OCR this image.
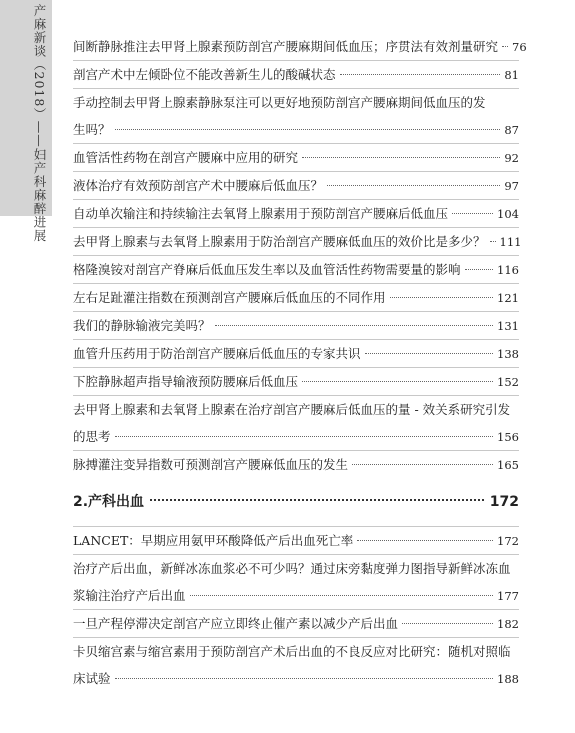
产麻新谈（2018）——妇产科麻醉进展 间断静脉推注去甲肾上腺素预防剖宫产腰麻期间低血压；序贯法有效剂量研究 76
剖宫产术中左倾卧位不能改善新生儿的酸碱状态	81
手动控制去甲肾上腺素静脉泵注可以更好地预防剖宫产腰麻期间低血压的发
生吗？	87
血管活性药物在剖宫产腰麻中应用的研究	92
液体治疗有效预防剖宫产术中腰麻后低血压？	97
自动单次输注和持续输注去氧肾上腺素用于预防剖宫产腰麻后低血压	104
去甲肾上腺素与去氧肾上腺素用于防治剖宫产腰麻低血压的效价比是多少？ 111
格隆溴铵对剖宫产脊麻后低血压发生率以及血管活性药物需要量的影响	116
左右足趾灌注指数在预测剖宫产腰麻后低血压的不同作用	121
我们的静脉输液完美吗？	131
血管升压药用于防治剖宫产腰麻后低血压的专家共识	138
下腔静脉超声指导输液预防腰麻后低血压	152
去甲肾上腺素和去氧肾上腺素在治疗剖宫产腰麻后低血压的量 - 效关系研究引发
的思考	156
脉搏灌注变异指数可预测剖宫产腰麻低血压的发生	165
2.产科出血	172
LANCET：早期应用氨甲环酸降低产后出血死亡率	172
治疗产后出血，新鲜冰冻血浆必不可少吗？通过床旁黏度弹力图指导新鲜冰冻血
浆输注治疗产后出血	177
一旦产程停滞决定剖宫产应立即终止催产素以减少产后出血	182
卡贝缩宫素与缩宫素用于预防剖宫产术后出血的不良反应对比研究：随机对照临
床试验	188
